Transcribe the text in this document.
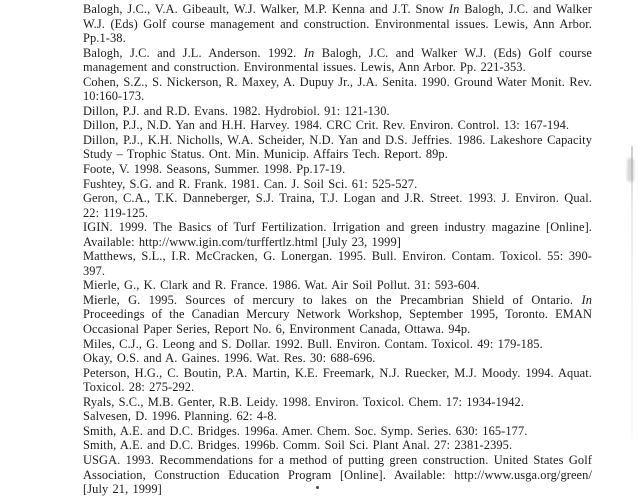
Balogh, J.C., V.A. Gibeault, W.J. Walker, M.P. Kenna and J.T. Snow In Balogh, J.C. and Walker W.J. (Eds) Golf course management and construction. Environmental issues. Lewis, Ann Arbor. Pp.1-38.

Balogh, J.C. and J.L. Anderson. 1992. In Balogh, J.C. and Walker W.J. (Eds) Golf course management and construction. Environmental issues. Lewis, Ann Arbor. Pp. 221-353.

Cohen, S.Z., S. Nickerson, R. Maxey, A. Dupuy Jr., J.A. Senita. 1990. Ground Water Monit. Rev. 10:160-173.

Dillon, P.J. and R.D. Evans. 1982. Hydrobiol. 91: 121-130.

Dillon, P.J., N.D. Yan and H.H. Harvey. 1984. CRC Crit. Rev. Environ. Control. 13: 167-194.

Dillon, P.J., K.H. Nicholls, W.A. Scheider, N.D. Yan and D.S. Jeffries. 1986. Lakeshore Capacity Study – Trophic Status. Ont. Min. Municip. Affairs Tech. Report. 89p.

Foote, V. 1998. Seasons, Summer. 1998. Pp.17-19.

Fushtey, S.G. and R. Frank. 1981. Can. J. Soil Sci. 61: 525-527.

Geron, C.A., T.K. Danneberger, S.J. Traina, T.J. Logan and J.R. Street. 1993. J. Environ. Qual. 22: 119-125.

IGIN. 1999. The Basics of Turf Fertilization. Irrigation and green industry magazine [Online]. Available: http://www.igin.com/turffertlz.html [July 23, 1999]

Matthews, S.L., I.R. McCracken, G. Lonergan. 1995. Bull. Environ. Contam. Toxicol. 55: 390-397.

Mierle, G., K. Clark and R. France. 1986. Wat. Air Soil Pollut. 31: 593-604.

Mierle, G. 1995. Sources of mercury to lakes on the Precambrian Shield of Ontario. In Proceedings of the Canadian Mercury Network Workshop, September 1995, Toronto. EMAN Occasional Paper Series, Report No. 6, Environment Canada, Ottawa. 94p.

Miles, C.J., G. Leong and S. Dollar. 1992. Bull. Environ. Contam. Toxicol. 49: 179-185.

Okay, O.S. and A. Gaines. 1996. Wat. Res. 30: 688-696.

Peterson, H.G., C. Boutin, P.A. Martin, K.E. Freemark, N.J. Ruecker, M.J. Moody. 1994. Aquat. Toxicol. 28: 275-292.

Ryals, S.C., M.B. Genter, R.B. Leidy. 1998. Environ. Toxicol. Chem. 17: 1934-1942.

Salvesen, D. 1996. Planning. 62: 4-8.

Smith, A.E. and D.C. Bridges. 1996a. Amer. Chem. Soc. Symp. Series. 630: 165-177.

Smith, A.E. and D.C. Bridges. 1996b. Comm. Soil Sci. Plant Anal. 27: 2381-2395.

USGA. 1993. Recommendations for a method of putting green construction. United States Golf Association, Construction Education Program [Online]. Available: http://www.usga.org/green/ [July 21, 1999]
